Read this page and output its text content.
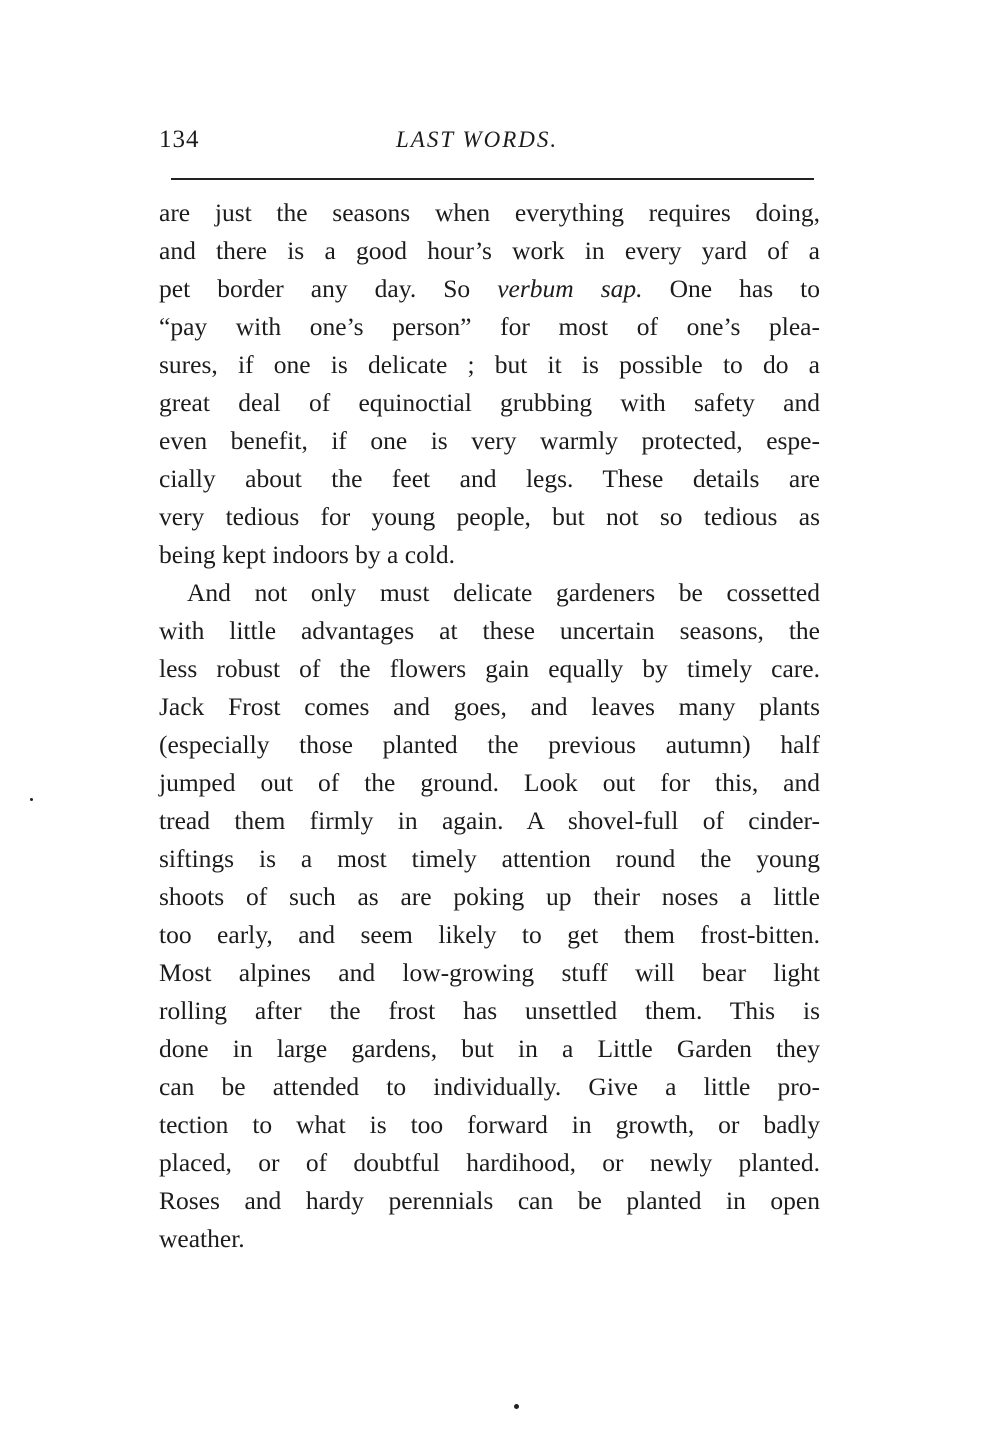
134	LAST WORDS.
are just the seasons when everything requires doing,
and there is a good hour’s work in every yard of a
pet border any day. So verbum sap. One has to
“pay with one’s person” for most of one’s plea-
sures, if one is delicate ; but it is possible to do a
great deal of equinoctial grubbing with safety and
even benefit, if one is very warmly protected, espe-
cially about the feet and legs. These details are
very tedious for young people, but not so tedious as
being kept indoors by a cold.
And not only must delicate gardeners be cossetted
with little advantages at these uncertain seasons, the
less robust of the flowers gain equally by timely care.
Jack Frost comes and goes, and leaves many plants
(especially those planted the previous autumn) half
jumped out of the ground. Look out for this, and
tread them firmly in again. A shovel-full of cinder-
siftings is a most timely attention round the young
shoots of such as are poking up their noses a little
too early, and seem likely to get them frost-bitten.
Most alpines and low-growing stuff will bear light
rolling after the frost has unsettled them. This is
done in large gardens, but in a Little Garden they
can be attended to individually. Give a little pro-
tection to what is too forward in growth, or badly
placed, or of doubtful hardihood, or newly planted.
Roses and hardy perennials can be planted in open
weather.
